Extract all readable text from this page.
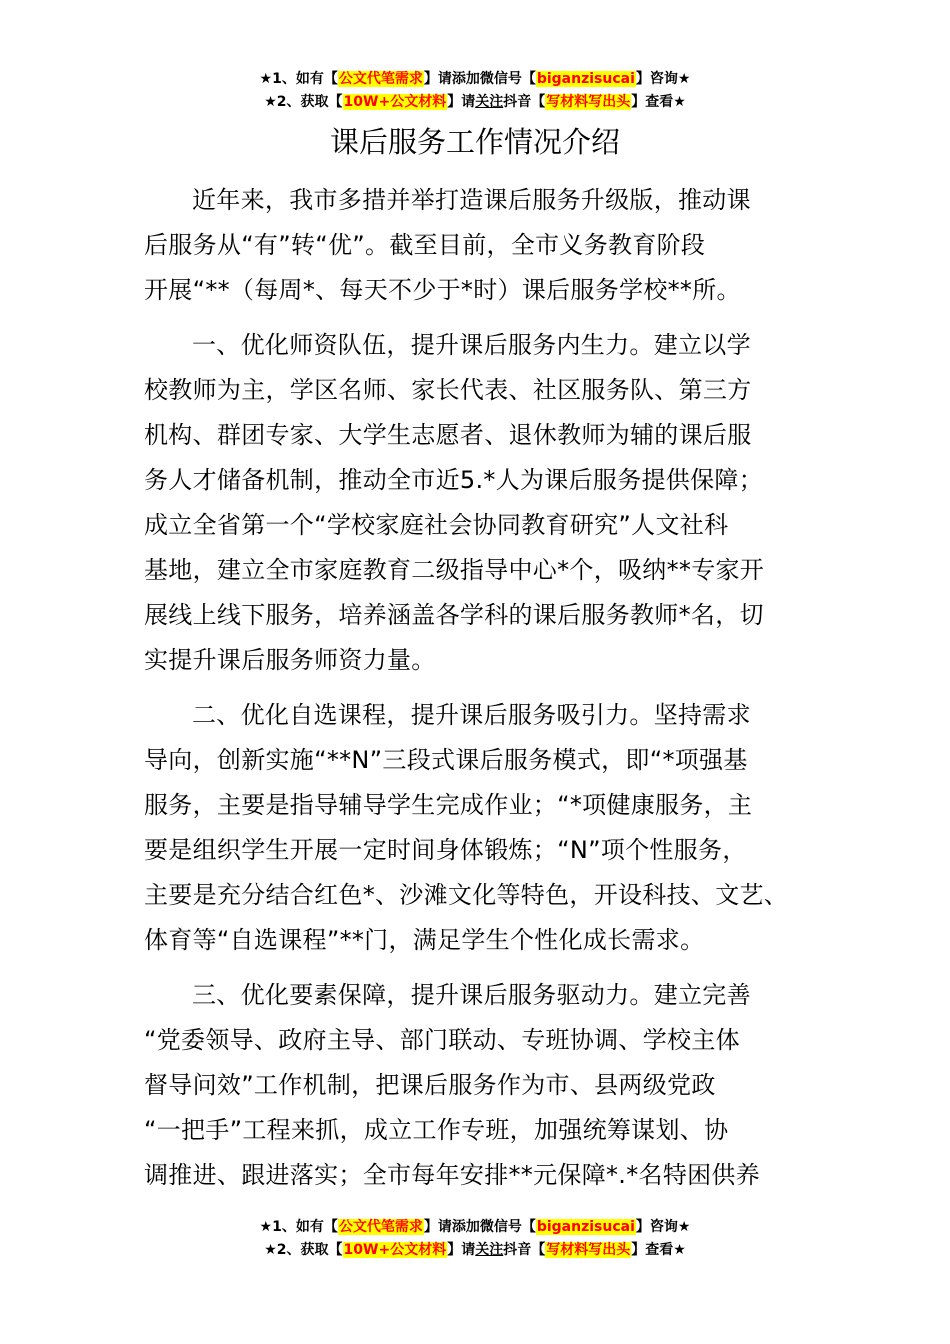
★1、如有【公文代笔需求】请添加微信号【biganzisucai】咨询★
★2、获取【10W+公文材料】请关注抖音【写材料写出头】查看★
课后服务工作情况介绍
近年来，我市多措并举打造课后服务升级版，推动课
后服务从“有”转“优”。截至目前，全市义务教育阶段
开展“**（每周*、每天不少于*时）课后服务学校**所。
一、优化师资队伍，提升课后服务内生力。建立以学
校教师为主，学区名师、家长代表、社区服务队、第三方
机构、群团专家、大学生志愿者、退休教师为辅的课后服
务人才储备机制，推动全市近5.*人为课后服务提供保障；
成立全省第一个“学校家庭社会协同教育研究”人文社科
基地，建立全市家庭教育二级指导中心*个，吸纳**专家开
展线上线下服务，培养涵盖各学科的课后服务教师*名，切
实提升课后服务师资力量。
二、优化自选课程，提升课后服务吸引力。坚持需求
导向，创新实施“**N”三段式课后服务模式，即“*项强基
服务，主要是指导辅导学生完成作业；“*项健康服务，主
要是组织学生开展一定时间身体锻炼；“N”项个性服务，
主要是充分结合红色*、沙滩文化等特色，开设科技、文艺、
体育等“自选课程”**门，满足学生个性化成长需求。
三、优化要素保障，提升课后服务驱动力。建立完善
“党委领导、政府主导、部门联动、专班协调、学校主体
督导问效”工作机制，把课后服务作为市、县两级党政
“一把手”工程来抓，成立工作专班，加强统筹谋划、协
调推进、跟进落实；全市每年安排**元保障*.*名特困供养
★1、如有【公文代笔需求】请添加微信号【biganzisucai】咨询★
★2、获取【10W+公文材料】请关注抖音【写材料写出头】查看★
